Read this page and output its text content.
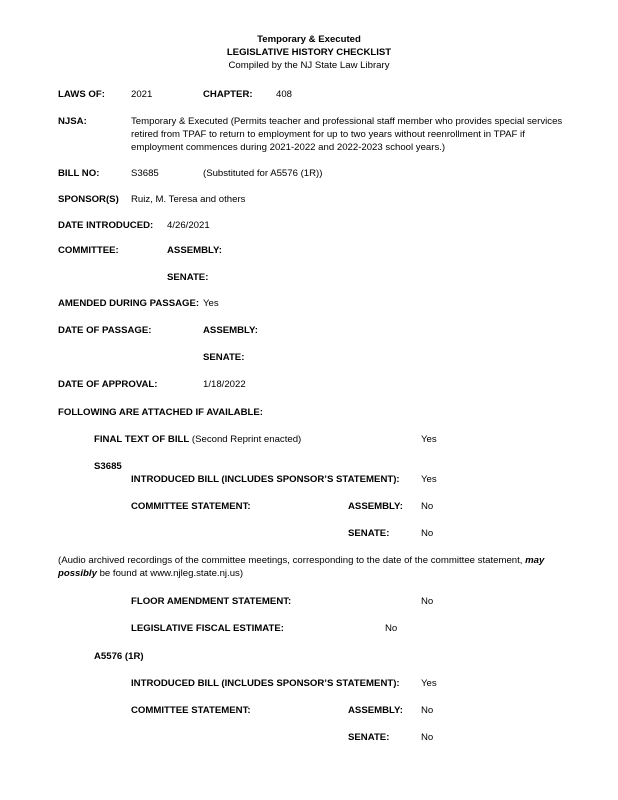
Temporary & Executed
LEGISLATIVE HISTORY CHECKLIST
Compiled by the NJ State Law Library
LAWS OF:	2021	CHAPTER: 408
NJSA:	Temporary & Executed (Permits teacher and professional staff member who provides special services
retired from TPAF to return to employment for up to two years without reenrollment in TPAF if
employment commences during 2021-2022 and 2022-2023 school years.)
BILL NO:	S3685	(Substituted for A5576 (1R))
SPONSOR(S) Ruiz, M. Teresa and others
DATE INTRODUCED: 4/26/2021
COMMITTEE:	ASSEMBLY:
SENATE:
AMENDED DURING PASSAGE: Yes
DATE OF PASSAGE:	ASSEMBLY:
SENATE:
DATE OF APPROVAL:	1/18/2022
FOLLOWING ARE ATTACHED IF AVAILABLE:
FINAL TEXT OF BILL (Second Reprint enacted)	Yes
S3685
INTRODUCED BILL (INCLUDES SPONSOR’S STATEMENT): Yes
COMMITTEE STATEMENT:	ASSEMBLY: No
SENATE:	No
(Audio archived recordings of the committee meetings, corresponding to the date of the committee statement, may
possibly be found at www.njleg.state.nj.us)
FLOOR AMENDMENT STATEMENT:	No
LEGISLATIVE FISCAL ESTIMATE:	No
A5576 (1R)
INTRODUCED BILL (INCLUDES SPONSOR’S STATEMENT): Yes
COMMITTEE STATEMENT:	ASSEMBLY: No
SENATE:	No
